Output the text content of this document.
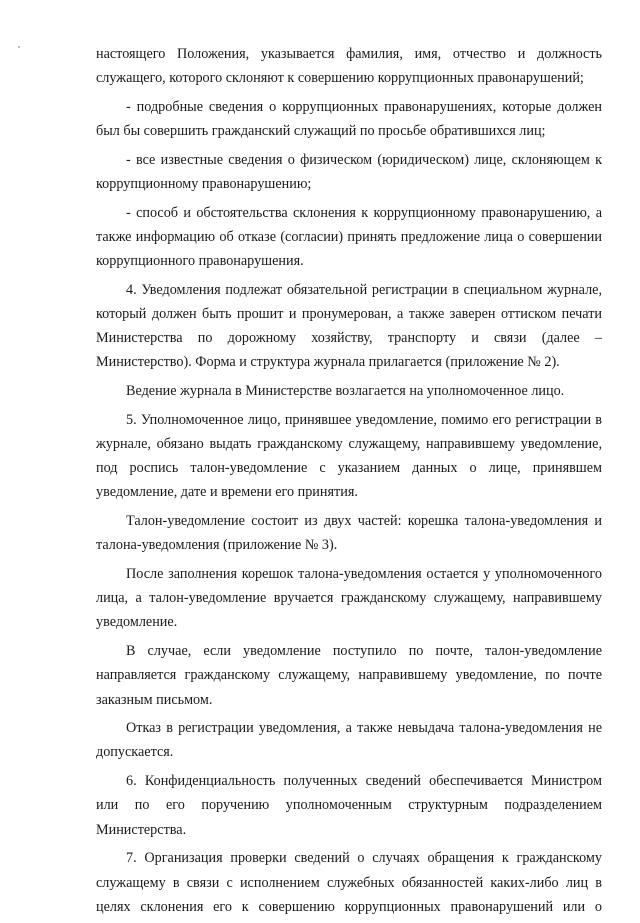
настоящего Положения, указывается фамилия, имя, отчество и должность служащего, которого склоняют к совершению коррупционных правонарушений;

- подробные сведения о коррупционных правонарушениях, которые должен был бы совершить гражданский служащий по просьбе обратившихся лиц;

- все известные сведения о физическом (юридическом) лице, склоняющем к коррупционному правонарушению;

- способ и обстоятельства склонения к коррупционному правонарушению, а также информацию об отказе (согласии) принять предложение лица о совершении коррупционного правонарушения.

4. Уведомления подлежат обязательной регистрации в специальном журнале, который должен быть прошит и пронумерован, а также заверен оттиском печати Министерства по дорожному хозяйству, транспорту и связи (далее – Министерство). Форма и структура журнала прилагается (приложение № 2).

Ведение журнала в Министерстве возлагается на уполномоченное лицо.

5. Уполномоченное лицо, принявшее уведомление, помимо его регистрации в журнале, обязано выдать гражданскому служащему, направившему уведомление, под роспись талон-уведомление с указанием данных о лице, принявшем уведомление, дате и времени его принятия.

Талон-уведомление состоит из двух частей: корешка талона-уведомления и талона-уведомления (приложение № 3).

После заполнения корешок талона-уведомления остается у уполномоченного лица, а талон-уведомление вручается гражданскому служащему, направившему уведомление.

В случае, если уведомление поступило по почте, талон-уведомление направляется гражданскому служащему, направившему уведомление, по почте заказным письмом.

Отказ в регистрации уведомления, а также невыдача талона-уведомления не допускается.

6. Конфиденциальность полученных сведений обеспечивается Министром или по его поручению уполномоченным структурным подразделением Министерства.

7. Организация проверки сведений о случаях обращения к гражданскому служащему в связи с исполнением служебных обязанностей каких-либо лиц в целях склонения его к совершению коррупционных правонарушений или о
